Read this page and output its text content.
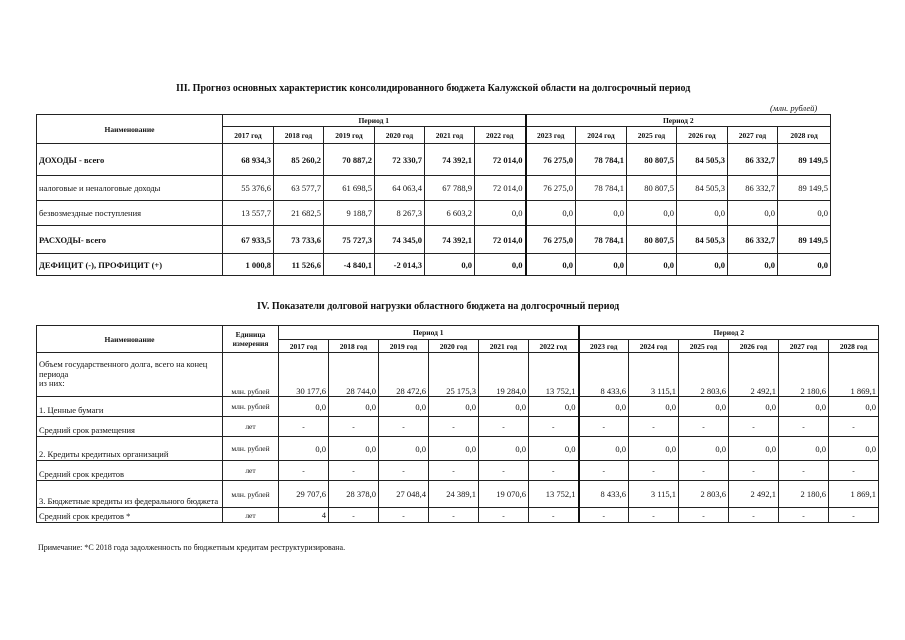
III. Прогноз основных характеристик консолидированного бюджета Калужской области на долгосрочный период
(млн. рублей)
Наименование	Период 1						Период 2					
	2017 год	2018 год	2019 год	2020 год	2021 год	2022 год	2023 год	2024 год	2025 год	2026 год	2027 год	2028 год
ДОХОДЫ - всего	68 934,3	85 260,2	70 887,2	72 330,7	74 392,1	72 014,0	76 275,0	78 784,1	80 807,5	84 505,3	86 332,7	89 149,5
налоговые и неналоговые доходы	55 376,6	63 577,7	61 698,5	64 063,4	67 788,9	72 014,0	76 275,0	78 784,1	80 807,5	84 505,3	86 332,7	89 149,5
безвозмездные поступления	13 557,7	21 682,5	9 188,7	8 267,3	6 603,2	0,0	0,0	0,0	0,0	0,0	0,0	0,0
РАСХОДЫ- всего	67 933,5	73 733,6	75 727,3	74 345,0	74 392,1	72 014,0	76 275,0	78 784,1	80 807,5	84 505,3	86 332,7	89 149,5
ДЕФИЦИТ (-), ПРОФИЦИТ (+)	1 000,8	11 526,6	-4 840,1	-2 014,3	0,0	0,0	0,0	0,0	0,0	0,0	0,0	0,0
IV. Показатели долговой нагрузки областного бюджета на долгосрочный период
Наименование	Единица
измерения	Период 1						Период 2					
		2017 год	2018 год	2019 год	2020 год	2021 год	2022 год	2023 год	2024 год	2025 год	2026 год	2027 год	2028 год
Объем государственного долга, всего на конец периода
из них:	млн. рублей	30 177,6	28 744,0	28 472,6	25 175,3	19 284,0	13 752,1	8 433,6	3 115,1	2 803,6	2 492,1	2 180,6	1 869,1
1. Ценные бумаги	млн. рублей	0,0	0,0	0,0	0,0	0,0	0,0	0,0	0,0	0,0	0,0	0,0	0,0
Средний срок размещения	лет	-	-	-	-	-	-	-	-	-	-	-	-
2. Кредиты кредитных организаций	млн. рублей	0,0	0,0	0,0	0,0	0,0	0,0	0,0	0,0	0,0	0,0	0,0	0,0
Средний срок кредитов	лет	-	-	-	-	-	-	-	-	-	-	-	-
3. Бюджетные кредиты из федерального бюджета	млн. рублей	29 707,6	28 378,0	27 048,4	24 389,1	19 070,6	13 752,1	8 433,6	3 115,1	2 803,6	2 492,1	2 180,6	1 869,1
Средний срок кредитов *	лет	4	-	-	-	-	-	-	-	-	-	-	-
Примечание: *С 2018 года задолженность по бюджетным кредитам реструктуризирована.
